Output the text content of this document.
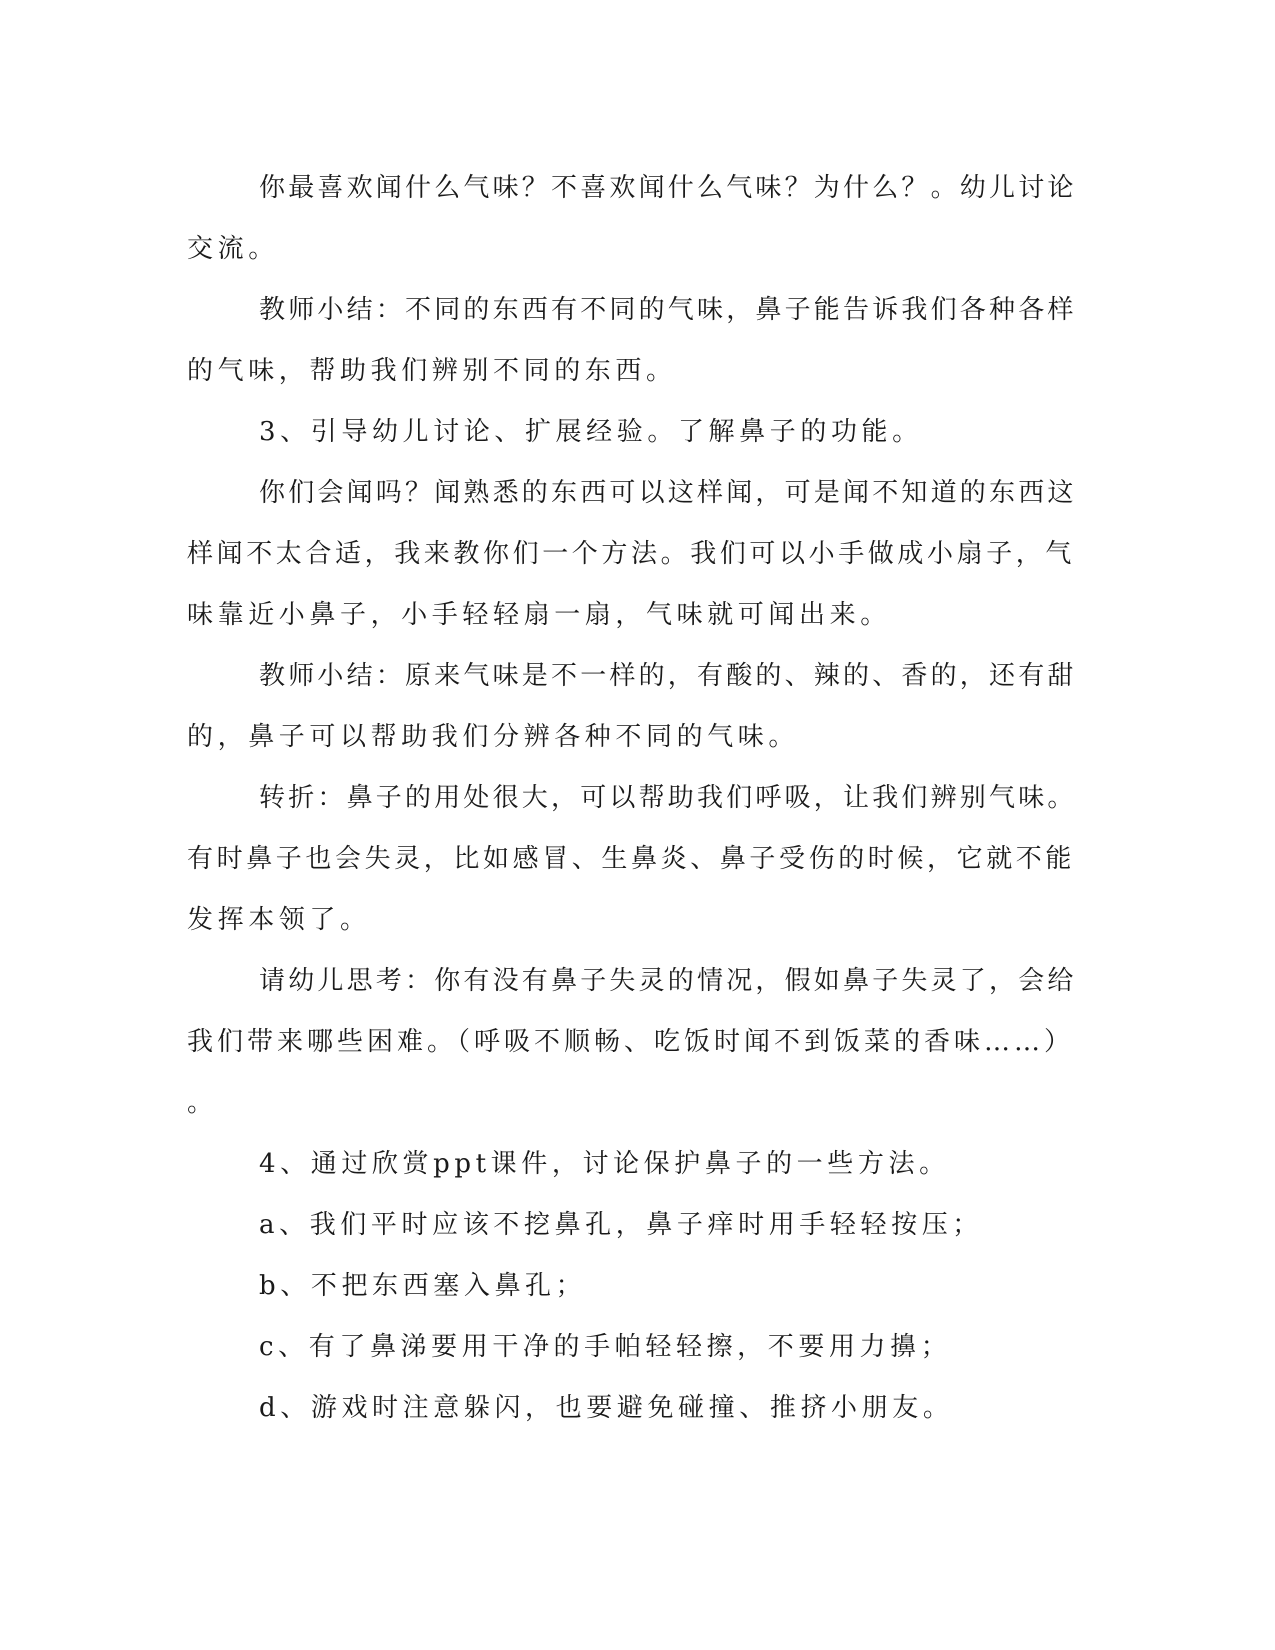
你最喜欢闻什么气味？不喜欢闻什么气味？为什么？。幼儿讨论
交流。
教师小结：不同的东西有不同的气味，鼻子能告诉我们各种各样
的气味，帮助我们辨别不同的东西。
3、引导幼儿讨论、扩展经验。了解鼻子的功能。
你们会闻吗？闻熟悉的东西可以这样闻，可是闻不知道的东西这
样闻不太合适，我来教你们一个方法。我们可以小手做成小扇子，气
味靠近小鼻子，小手轻轻扇一扇，气味就可闻出来。
教师小结：原来气味是不一样的，有酸的、辣的、香的，还有甜
的，鼻子可以帮助我们分辨各种不同的气味。
转折：鼻子的用处很大，可以帮助我们呼吸，让我们辨别气味。
有时鼻子也会失灵，比如感冒、生鼻炎、鼻子受伤的时候，它就不能
发挥本领了。
请幼儿思考：你有没有鼻子失灵的情况，假如鼻子失灵了，会给
我们带来哪些困难。（呼吸不顺畅、吃饭时闻不到饭菜的香味……）
。
4、通过欣赏ppt课件，讨论保护鼻子的一些方法。
a、我们平时应该不挖鼻孔，鼻子痒时用手轻轻按压；
b、不把东西塞入鼻孔；
c、有了鼻涕要用干净的手帕轻轻擦，不要用力擤；
d、游戏时注意躲闪，也要避免碰撞、推挤小朋友。
